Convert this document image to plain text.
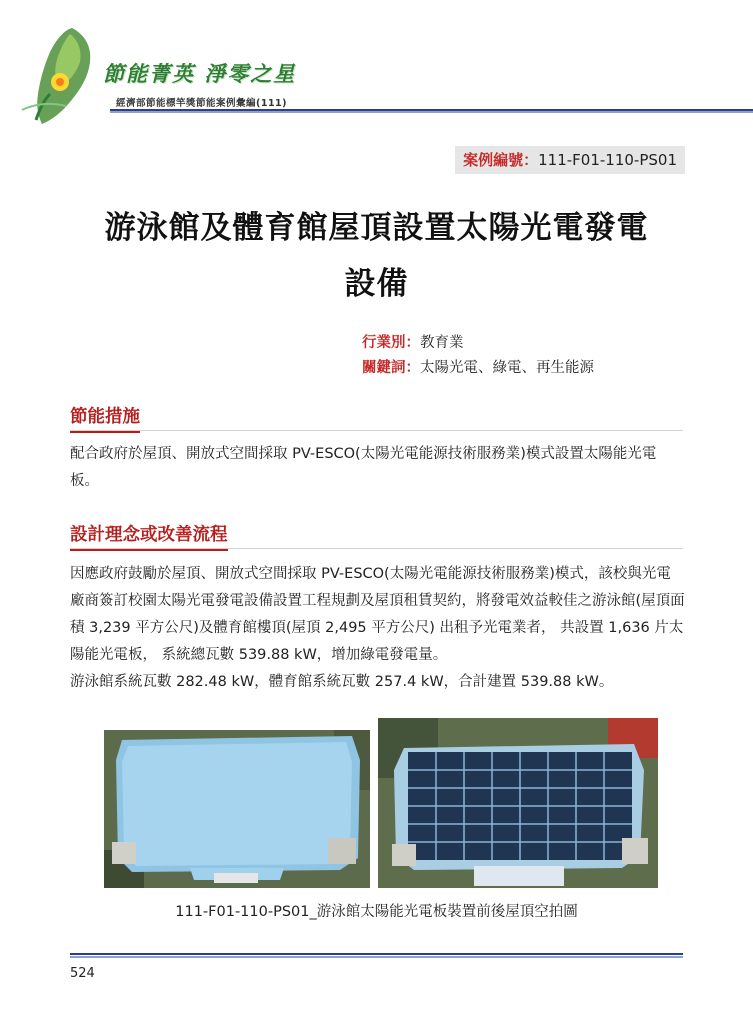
節能菁英 淨零之星
經濟部節能標竿獎節能案例彙編(111)
案例編號：111-F01-110-PS01
游泳館及體育館屋頂設置太陽光電發電
設備
行業別：教育業
關鍵詞：太陽光電、綠電、再生能源
節能措施

配合政府於屋頂、開放式空間採取 PV-ESCO(太陽光電能源技術服務業)模式設置太陽能光電板。

設計理念或改善流程

因應政府鼓勵於屋頂、開放式空間採取 PV-ESCO(太陽光電能源技術服務業)模式，該校與光電廠商簽訂校園太陽光電發電設備設置工程規劃及屋頂租賃契約，將發電效益較佳之游泳館(屋頂面積 3,239 平方公尺)及體育館樓頂(屋頂 2,495 平方公尺) 出租予光電業者， 共設置 1,636 片太陽能光電板， 系統總瓦數 539.88 kW，增加綠電發電量。

游泳館系統瓦數 282.48 kW，體育館系統瓦數 257.4 kW，合計建置 539.88 kW。

111-F01-110-PS01_游泳館太陽能光電板裝置前後屋頂空拍圖
524
